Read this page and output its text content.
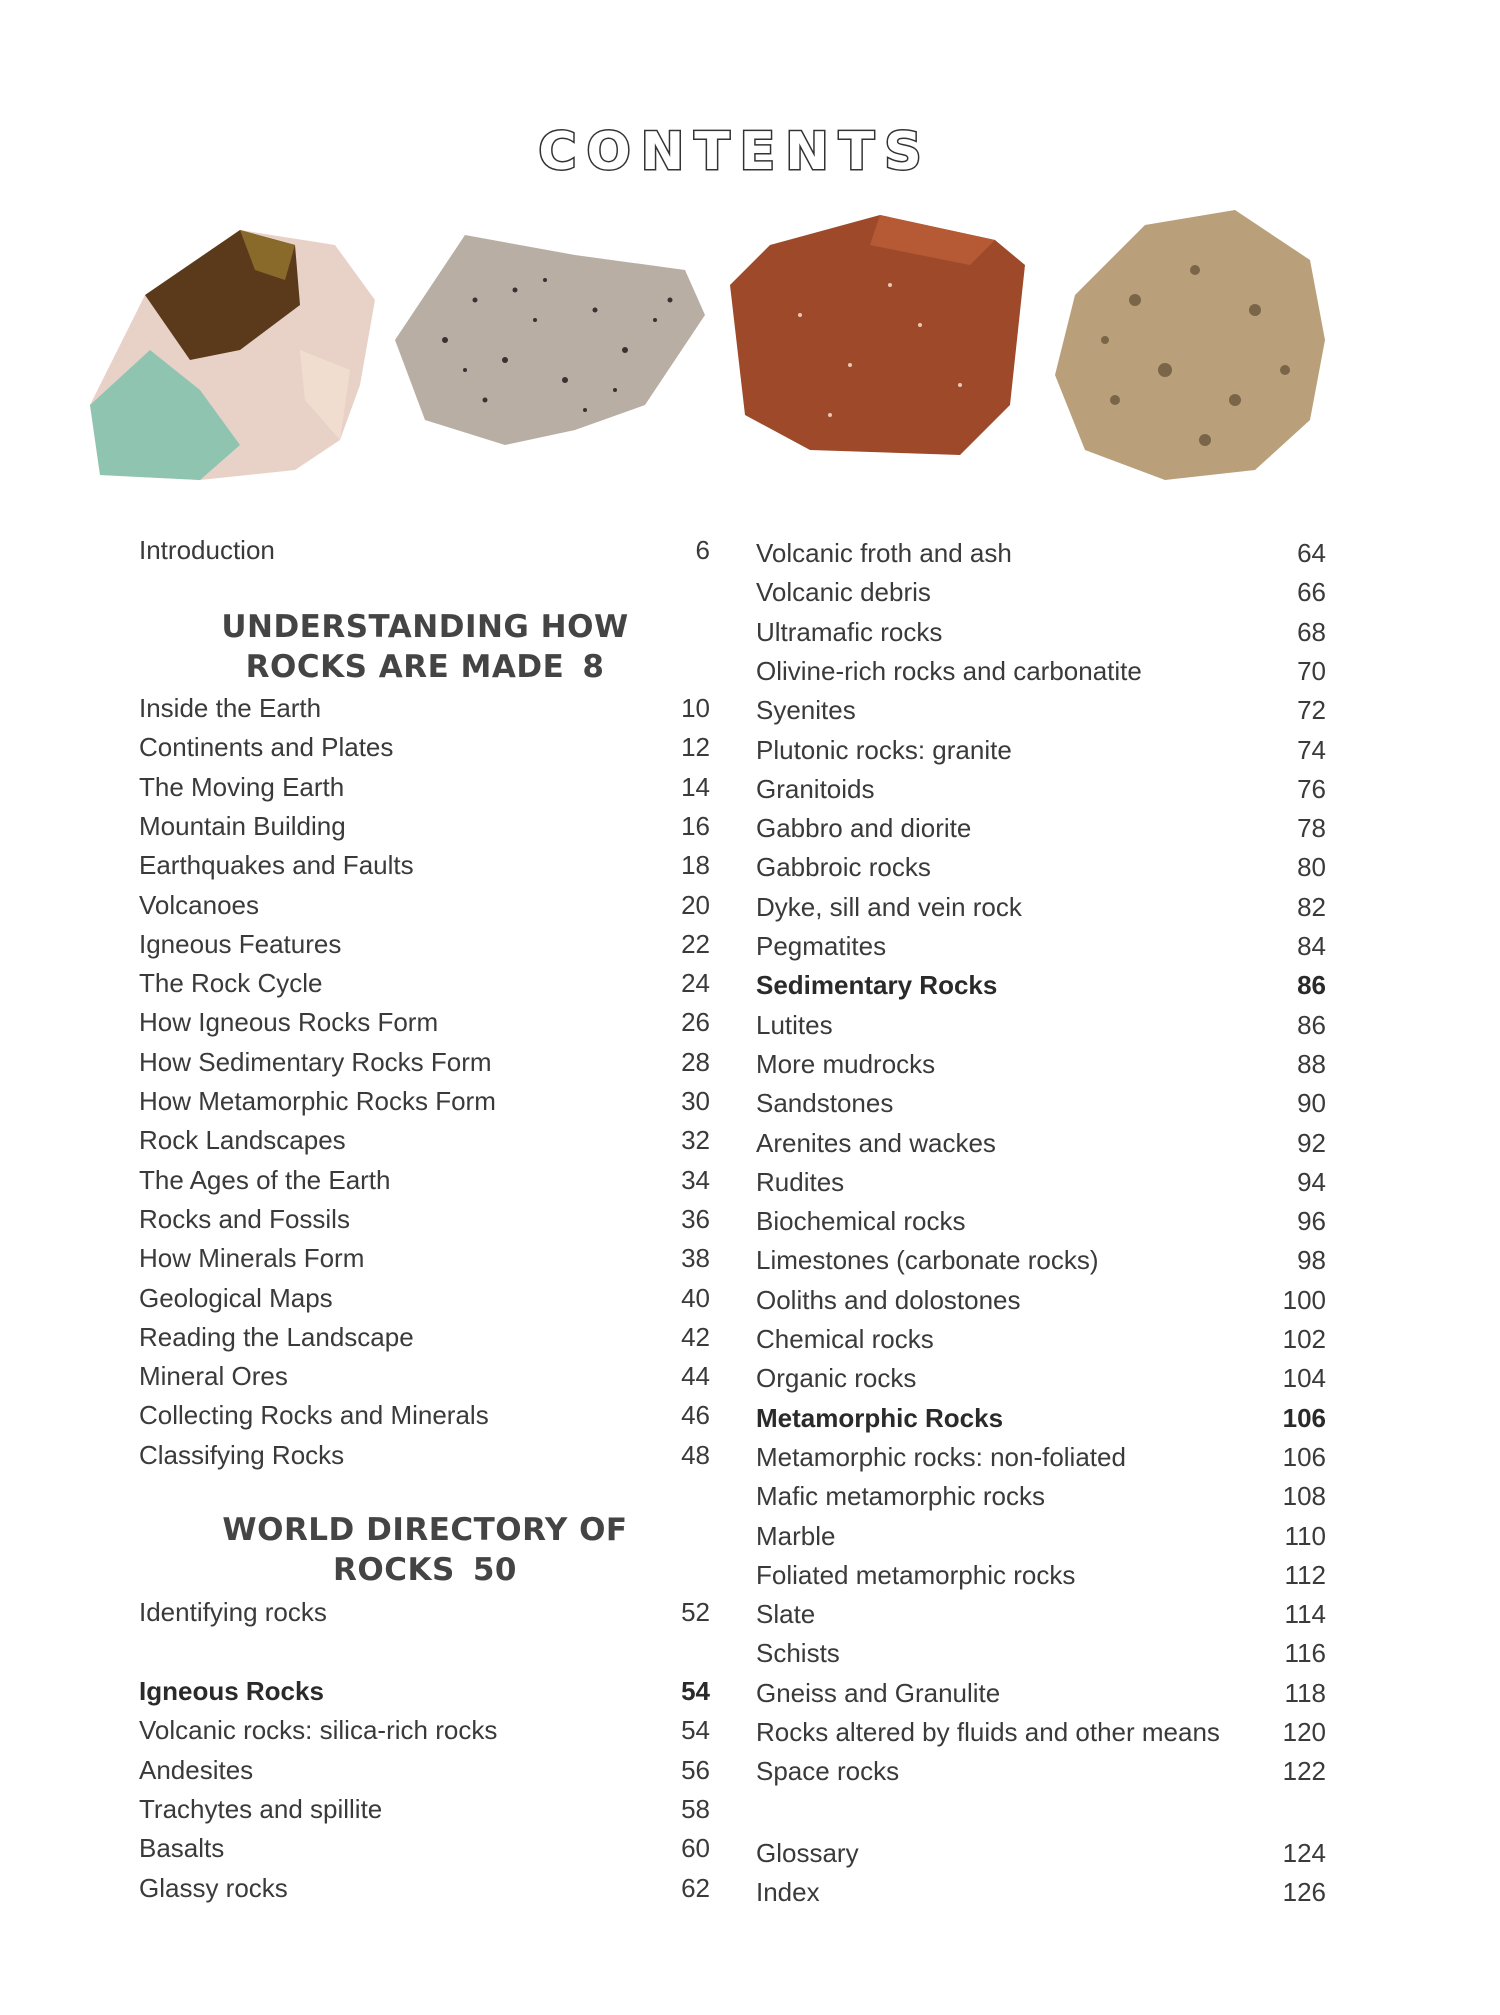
CONTENTS
Introduction	6
UNDERSTANDING HOW
ROCKS ARE MADE 8
Inside the Earth	10
Continents and Plates	12
The Moving Earth	14
Mountain Building	16
Earthquakes and Faults	18
Volcanoes	20
Igneous Features	22
The Rock Cycle	24
How Igneous Rocks Form	26
How Sedimentary Rocks Form	28
How Metamorphic Rocks Form	30
Rock Landscapes	32
The Ages of the Earth	34
Rocks and Fossils	36
How Minerals Form	38
Geological Maps	40
Reading the Landscape	42
Mineral Ores	44
Collecting Rocks and Minerals	46
Classifying Rocks	48
WORLD DIRECTORY OF
ROCKS 50
Identifying rocks	52
Igneous Rocks	54
Volcanic rocks: silica-rich rocks	54
Andesites	56
Trachytes and spillite	58
Basalts	60
Glassy rocks	62
Volcanic froth and ash	64
Volcanic debris	66
Ultramafic rocks	68
Olivine-rich rocks and carbonatite	70
Syenites	72
Plutonic rocks: granite	74
Granitoids	76
Gabbro and diorite	78
Gabbroic rocks	80
Dyke, sill and vein rock	82
Pegmatites	84
Sedimentary Rocks	86
Lutites	86
More mudrocks	88
Sandstones	90
Arenites and wackes	92
Rudites	94
Biochemical rocks	96
Limestones (carbonate rocks)	98
Ooliths and dolostones	100
Chemical rocks	102
Organic rocks	104
Metamorphic Rocks	106
Metamorphic rocks: non-foliated	106
Mafic metamorphic rocks	108
Marble	110
Foliated metamorphic rocks	112
Slate	114
Schists	116
Gneiss and Granulite	118
Rocks altered by fluids and other means 120
Space rocks	122
Glossary	124
Index	126
